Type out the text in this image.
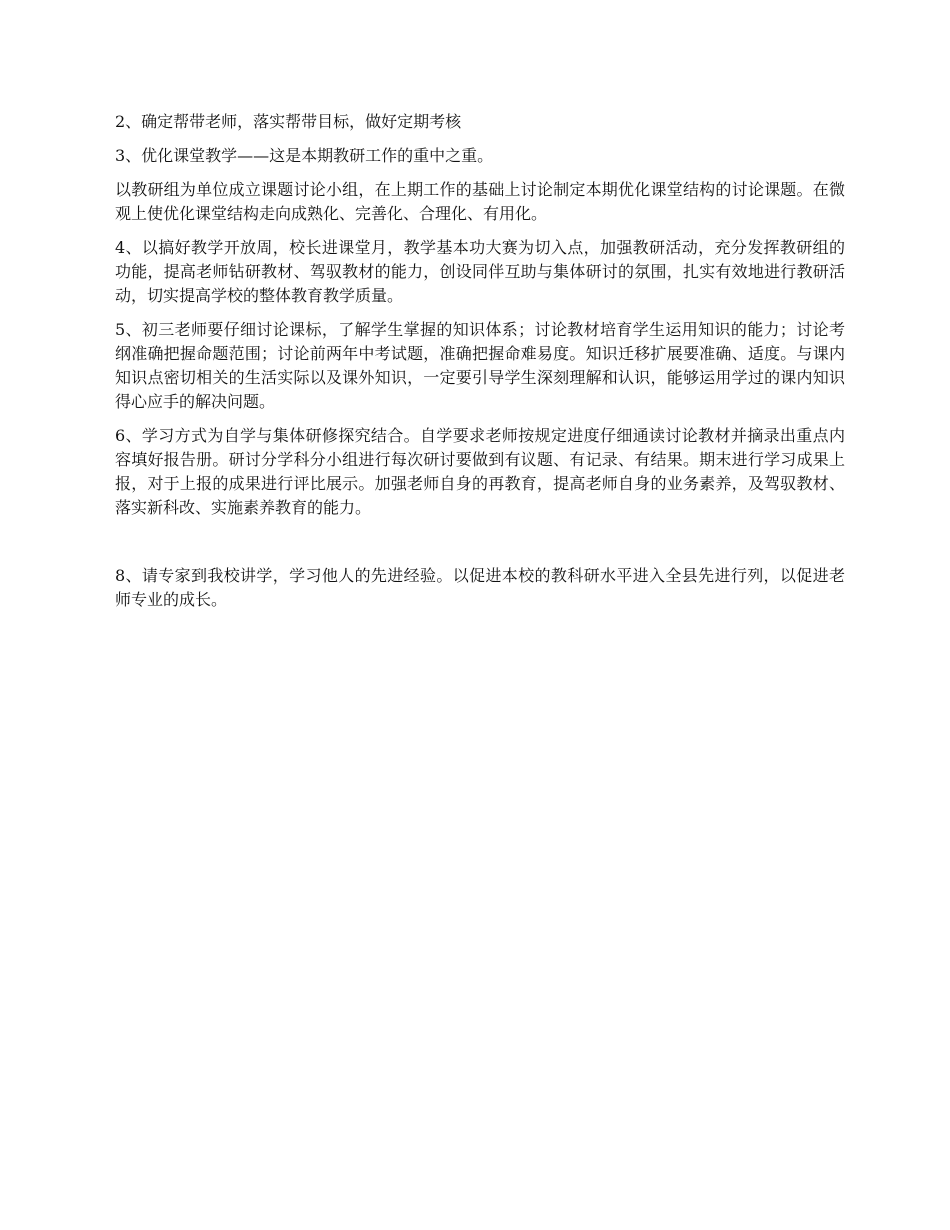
2、确定帮带老师，落实帮带目标，做好定期考核

3、优化课堂教学——这是本期教研工作的重中之重。

以教研组为单位成立课题讨论小组，在上期工作的基础上讨论制定本期优化课堂结构的讨论课题。在微观上使优化课堂结构走向成熟化、完善化、合理化、有用化。

4、以搞好教学开放周，校长进课堂月，教学基本功大赛为切入点，加强教研活动，充分发挥教研组的功能，提高老师钻研教材、驾驭教材的能力，创设同伴互助与集体研讨的氛围，扎实有效地进行教研活动，切实提高学校的整体教育教学质量。

5、初三老师要仔细讨论课标，了解学生掌握的知识体系；讨论教材培育学生运用知识的能力；讨论考纲准确把握命题范围；讨论前两年中考试题，准确把握命难易度。知识迁移扩展要准确、适度。与课内知识点密切相关的生活实际以及课外知识，一定要引导学生深刻理解和认识，能够运用学过的课内知识得心应手的解决问题。

6、学习方式为自学与集体研修探究结合。自学要求老师按规定进度仔细通读讨论教材并摘录出重点内容填好报告册。研讨分学科分小组进行每次研讨要做到有议题、有记录、有结果。期末进行学习成果上报，对于上报的成果进行评比展示。加强老师自身的再教育，提高老师自身的业务素养，及驾驭教材、落实新科改、实施素养教育的能力。

8、请专家到我校讲学，学习他人的先进经验。以促进本校的教科研水平进入全县先进行列，以促进老师专业的成长。
